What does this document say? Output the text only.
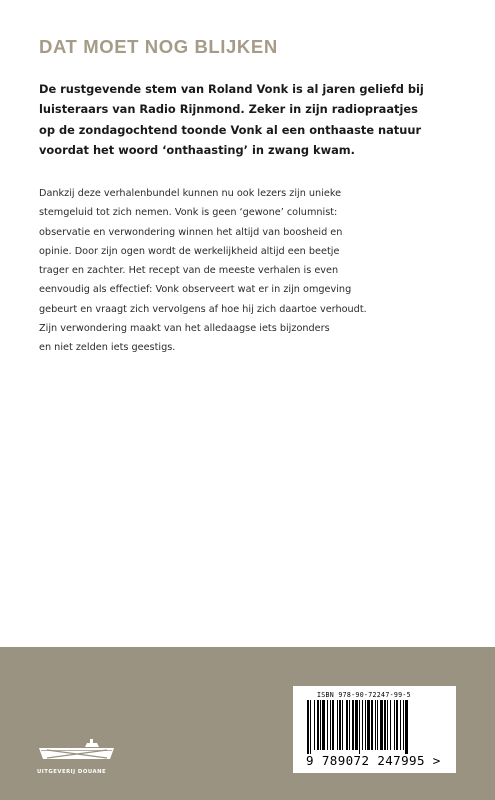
DAT MOET NOG BLIJKEN
De rustgevende stem van Roland Vonk is al jaren geliefd bij
luisteraars van Radio Rijnmond. Zeker in zijn radiopraatjes
op de zondagochtend toonde Vonk al een onthaaste natuur
voordat het woord ‘onthaasting’ in zwang kwam.
Dankzij deze verhalenbundel kunnen nu ook lezers zijn unieke
stemgeluid tot zich nemen. Vonk is geen ‘gewone’ columnist:
observatie en verwondering winnen het altijd van boosheid en
opinie. Door zijn ogen wordt de werkelijkheid altijd een beetje
trager en zachter. Het recept van de meeste verhalen is even
eenvoudig als effectief: Vonk observeert wat er in zijn omgeving
gebeurt en vraagt zich vervolgens af hoe hij zich daartoe verhoudt.
Zijn verwondering maakt van het alledaagse iets bijzonders
en niet zelden iets geestigs.
UITGEVERIJ DOUANE
ISBN 978-90-72247-99-5
9 789072 247995 >
